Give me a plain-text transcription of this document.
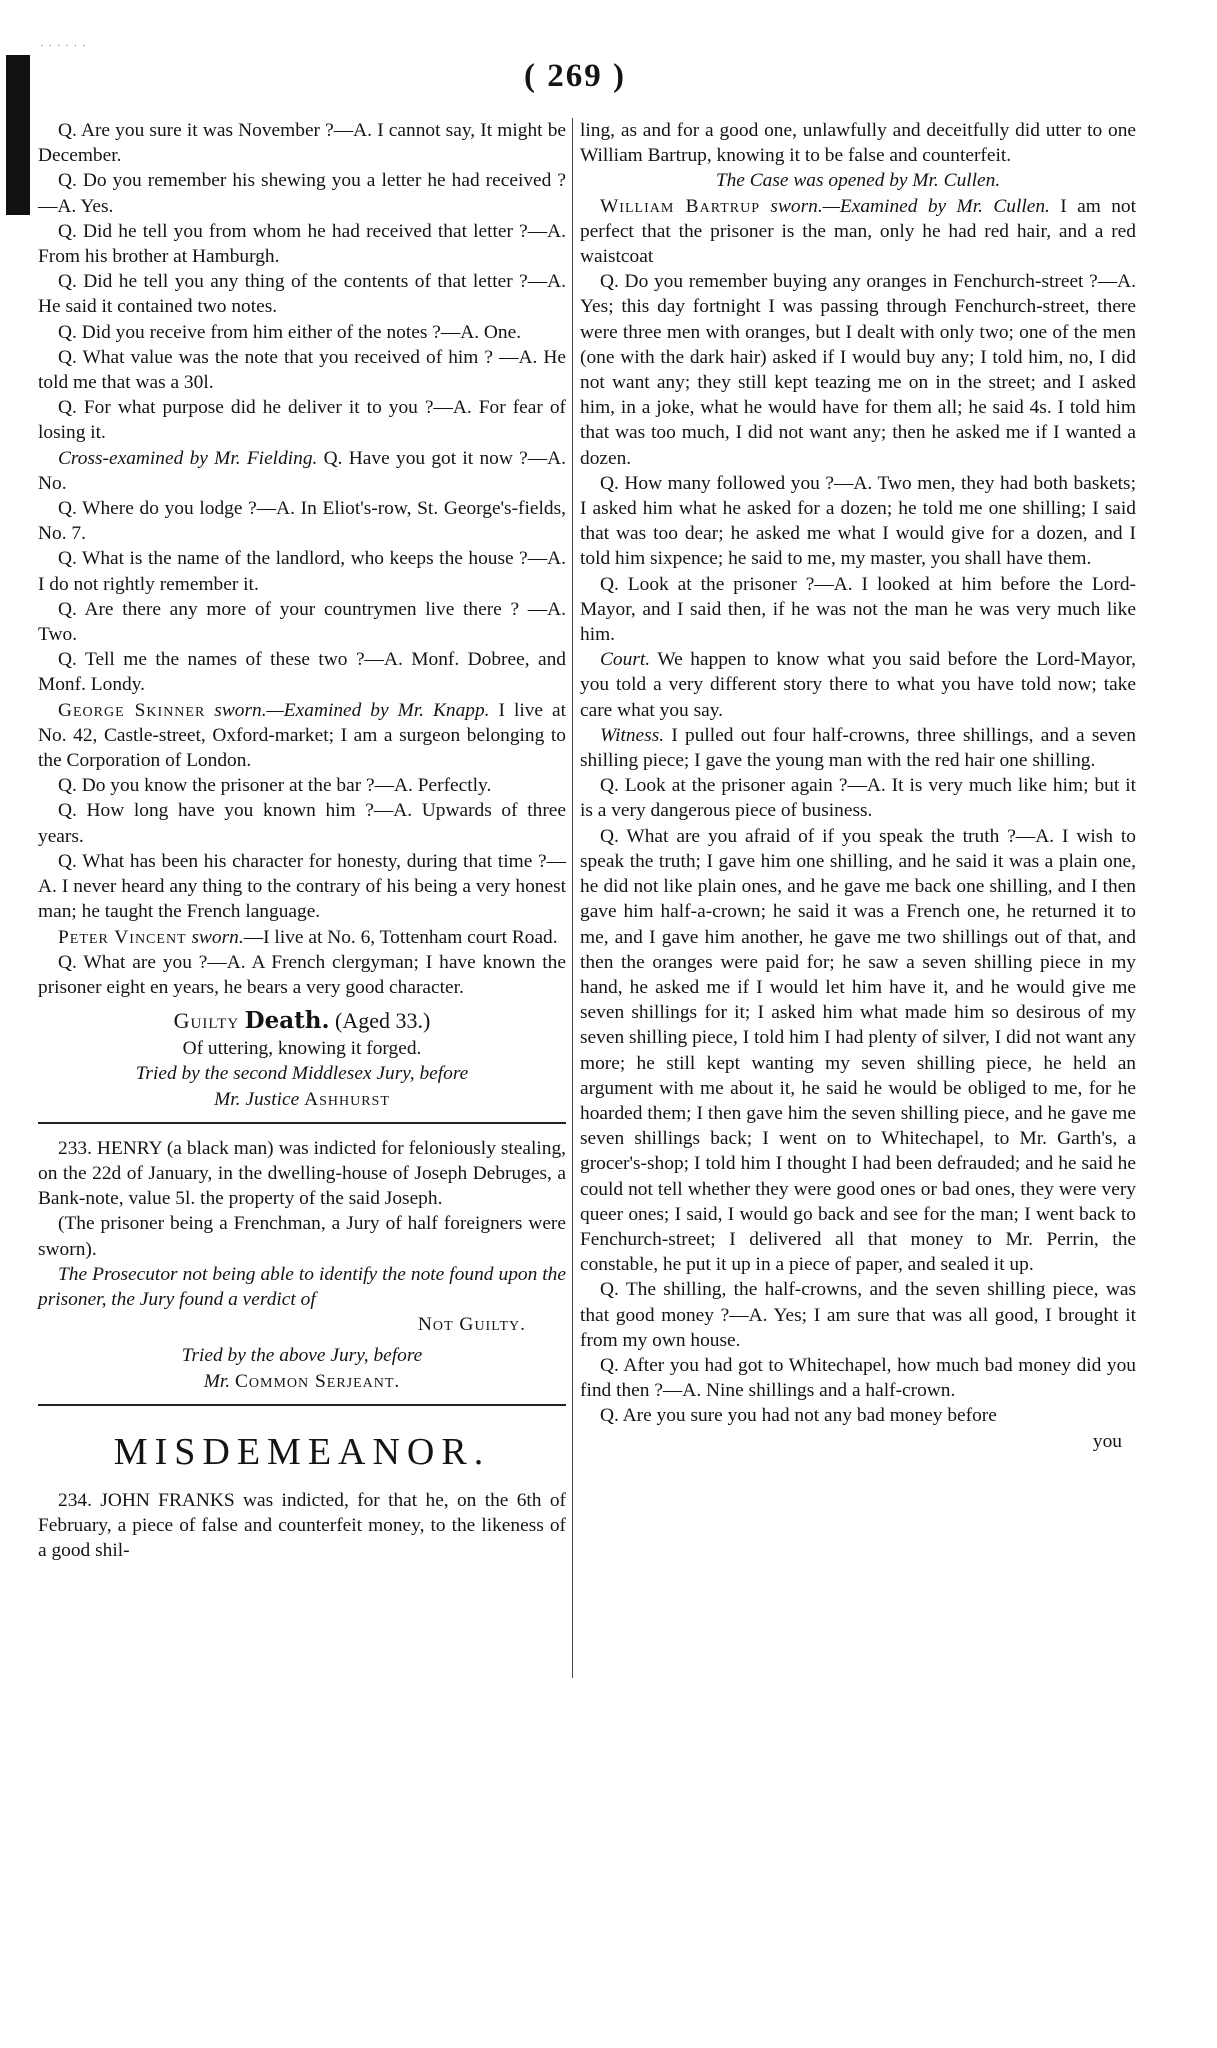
· · · · · ·
( 269 )

Q. Are you sure it was November ?—A. I cannot say, It might be December.

Q. Do you remember his shewing you a letter he had received ?—A. Yes.

Q. Did he tell you from whom he had received that letter ?—A. From his brother at Hamburgh.

Q. Did he tell you any thing of the contents of that letter ?—A. He said it contained two notes.

Q. Did you receive from him either of the notes ?—A. One.

Q. What value was the note that you received of him ? —A. He told me that was a 30l.

Q. For what purpose did he deliver it to you ?—A. For fear of losing it.

Cross-examined by Mr. Fielding. Q. Have you got it now ?—A. No.

Q. Where do you lodge ?—A. In Eliot's-row, St. George's-fields, No. 7.

Q. What is the name of the landlord, who keeps the house ?—A. I do not rightly remember it.

Q. Are there any more of your countrymen live there ? —A. Two.

Q. Tell me the names of these two ?—A. Monf. Dobree, and Monf. Londy.

George Skinner sworn.—Examined by Mr. Knapp. I live at No. 42, Castle-street, Oxford-market; I am a surgeon belonging to the Corporation of London.

Q. Do you know the prisoner at the bar ?—A. Perfectly.

Q. How long have you known him ?—A. Upwards of three years.

Q. What has been his character for honesty, during that time ?—A. I never heard any thing to the contrary of his being a very honest man; he taught the French language.

Peter Vincent sworn.—I live at No. 6, Tottenham court Road.

Q. What are you ?—A. A French clergyman; I have known the prisoner eight en years, he bears a very good character.

Guilty Death. (Aged 33.)

Of uttering, knowing it forged.

Tried by the second Middlesex Jury, before

Mr. Justice Ashhurst

233. HENRY (a black man) was indicted for feloniously stealing, on the 22d of January, in the dwelling-house of Joseph Debruges, a Bank-note, value 5l. the property of the said Joseph.

(The prisoner being a Frenchman, a Jury of half foreigners were sworn).

The Prosecutor not being able to identify the note found upon the prisoner, the Jury found a verdict of

Not Guilty.

Tried by the above Jury, before

Mr. Common Serjeant.

MISDEMEANOR.

234. JOHN FRANKS was indicted, for that he, on the 6th of February, a piece of false and counterfeit money, to the likeness of a good shil-

ling, as and for a good one, unlawfully and deceitfully did utter to one William Bartrup, knowing it to be false and counterfeit.

The Case was opened by Mr. Cullen.

William Bartrup sworn.—Examined by Mr. Cullen. I am not perfect that the prisoner is the man, only he had red hair, and a red waistcoat

Q. Do you remember buying any oranges in Fenchurch-street ?—A. Yes; this day fortnight I was passing through Fenchurch-street, there were three men with oranges, but I dealt with only two; one of the men (one with the dark hair) asked if I would buy any; I told him, no, I did not want any; they still kept teazing me on in the street; and I asked him, in a joke, what he would have for them all; he said 4s. I told him that was too much, I did not want any; then he asked me if I wanted a dozen.

Q. How many followed you ?—A. Two men, they had both baskets; I asked him what he asked for a dozen; he told me one shilling; I said that was too dear; he asked me what I would give for a dozen, and I told him sixpence; he said to me, my master, you shall have them.

Q. Look at the prisoner ?—A. I looked at him before the Lord-Mayor, and I said then, if he was not the man he was very much like him.

Court. We happen to know what you said before the Lord-Mayor, you told a very different story there to what you have told now; take care what you say.

Witness. I pulled out four half-crowns, three shillings, and a seven shilling piece; I gave the young man with the red hair one shilling.

Q. Look at the prisoner again ?—A. It is very much like him; but it is a very dangerous piece of business.

Q. What are you afraid of if you speak the truth ?—A. I wish to speak the truth; I gave him one shilling, and he said it was a plain one, he did not like plain ones, and he gave me back one shilling, and I then gave him half-a-crown; he said it was a French one, he returned it to me, and I gave him another, he gave me two shillings out of that, and then the oranges were paid for; he saw a seven shilling piece in my hand, he asked me if I would let him have it, and he would give me seven shillings for it; I asked him what made him so desirous of my seven shilling piece, I told him I had plenty of silver, I did not want any more; he still kept wanting my seven shilling piece, he held an argument with me about it, he said he would be obliged to me, for he hoarded them; I then gave him the seven shilling piece, and he gave me seven shillings back; I went on to Whitechapel, to Mr. Garth's, a grocer's-shop; I told him I thought I had been defrauded; and he said he could not tell whether they were good ones or bad ones, they were very queer ones; I said, I would go back and see for the man; I went back to Fenchurch-street; I delivered all that money to Mr. Perrin, the constable, he put it up in a piece of paper, and sealed it up.

Q. The shilling, the half-crowns, and the seven shilling piece, was that good money ?—A. Yes; I am sure that was all good, I brought it from my own house.

Q. After you had got to Whitechapel, how much bad money did you find then ?—A. Nine shillings and a half-crown.

Q. Are you sure you had not any bad money before

you
